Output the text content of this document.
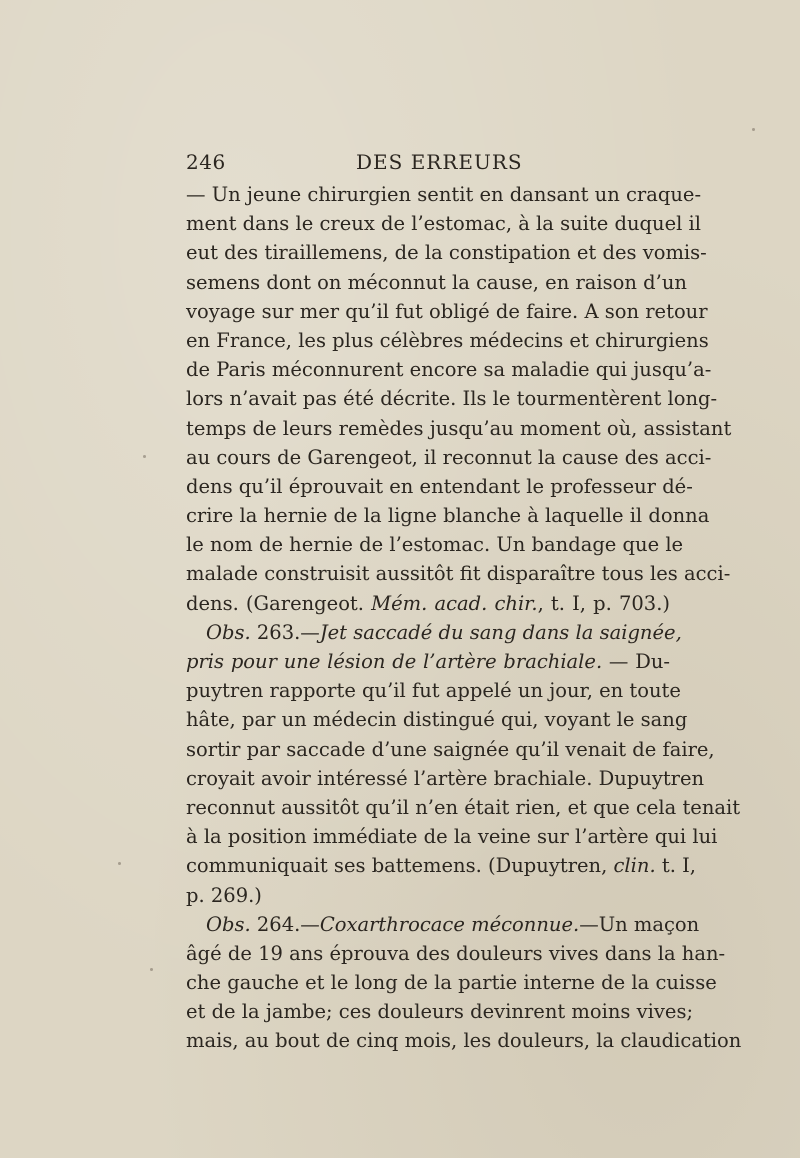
246	DES ERREURS
— Un jeune chirurgien sentit en dansant un craque-
ment dans le creux de l’estomac, à la suite duquel il
eut des tiraillemens, de la constipation et des vomis-
semens dont on méconnut la cause, en raison d’un
voyage sur mer qu’il fut obligé de faire. A son retour
en France, les plus célèbres médecins et chirurgiens
de Paris méconnurent encore sa maladie qui jusqu’a-
lors n’avait pas été décrite. Ils le tourmentèrent long-
temps de leurs remèdes jusqu’au moment où, assistant
au cours de Garengeot, il reconnut la cause des acci-
dens qu’il éprouvait en entendant le professeur dé-
crire la hernie de la ligne blanche à laquelle il donna
le nom de hernie de l’estomac. Un bandage que le
malade construisit aussitôt fit disparaître tous les acci-
dens. (Garengeot. Mém. acad. chir., t. I, p. 703.)
Obs. 263.—Jet saccadé du sang dans la saignée,
pris pour une lésion de l’artère brachiale. — Du-
puytren rapporte qu’il fut appelé un jour, en toute
hâte, par un médecin distingué qui, voyant le sang
sortir par saccade d’une saignée qu’il venait de faire,
croyait avoir intéressé l’artère brachiale. Dupuytren
reconnut aussitôt qu’il n’en était rien, et que cela tenait
à la position immédiate de la veine sur l’artère qui lui
communiquait ses battemens. (Dupuytren, clin. t. I,
p. 269.)
Obs. 264.—Coxarthrocace méconnue.—Un maçon
âgé de 19 ans éprouva des douleurs vives dans la han-
che gauche et le long de la partie interne de la cuisse
et de la jambe; ces douleurs devinrent moins vives;
mais, au bout de cinq mois, les douleurs, la claudication
